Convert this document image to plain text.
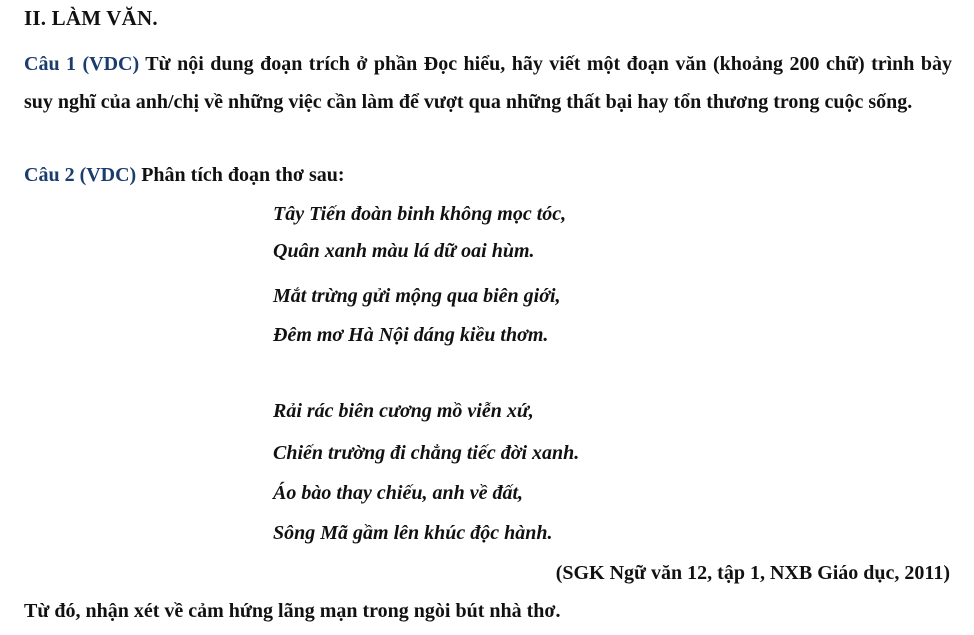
II. LÀM VĂN.
Câu 1 (VDC) Từ nội dung đoạn trích ở phần Đọc hiểu, hãy viết một đoạn văn (khoảng 200 chữ) trình bày suy nghĩ của anh/chị về những việc cần làm để vượt qua những thất bại hay tổn thương trong cuộc sống.
Câu 2 (VDC) Phân tích đoạn thơ sau:
Tây Tiến đoàn binh không mọc tóc,
Quân xanh màu lá dữ oai hùm.
Mắt trừng gửi mộng qua biên giới,
Đêm mơ Hà Nội dáng kiều thơm.
Rải rác biên cương mồ viễn xứ,
Chiến trường đi chẳng tiếc đời xanh.
Áo bào thay chiếu, anh về đất,
Sông Mã gầm lên khúc độc hành.
(SGK Ngữ văn 12, tập 1, NXB Giáo dục, 2011)
Từ đó, nhận xét về cảm hứng lãng mạn trong ngòi bút nhà thơ.
